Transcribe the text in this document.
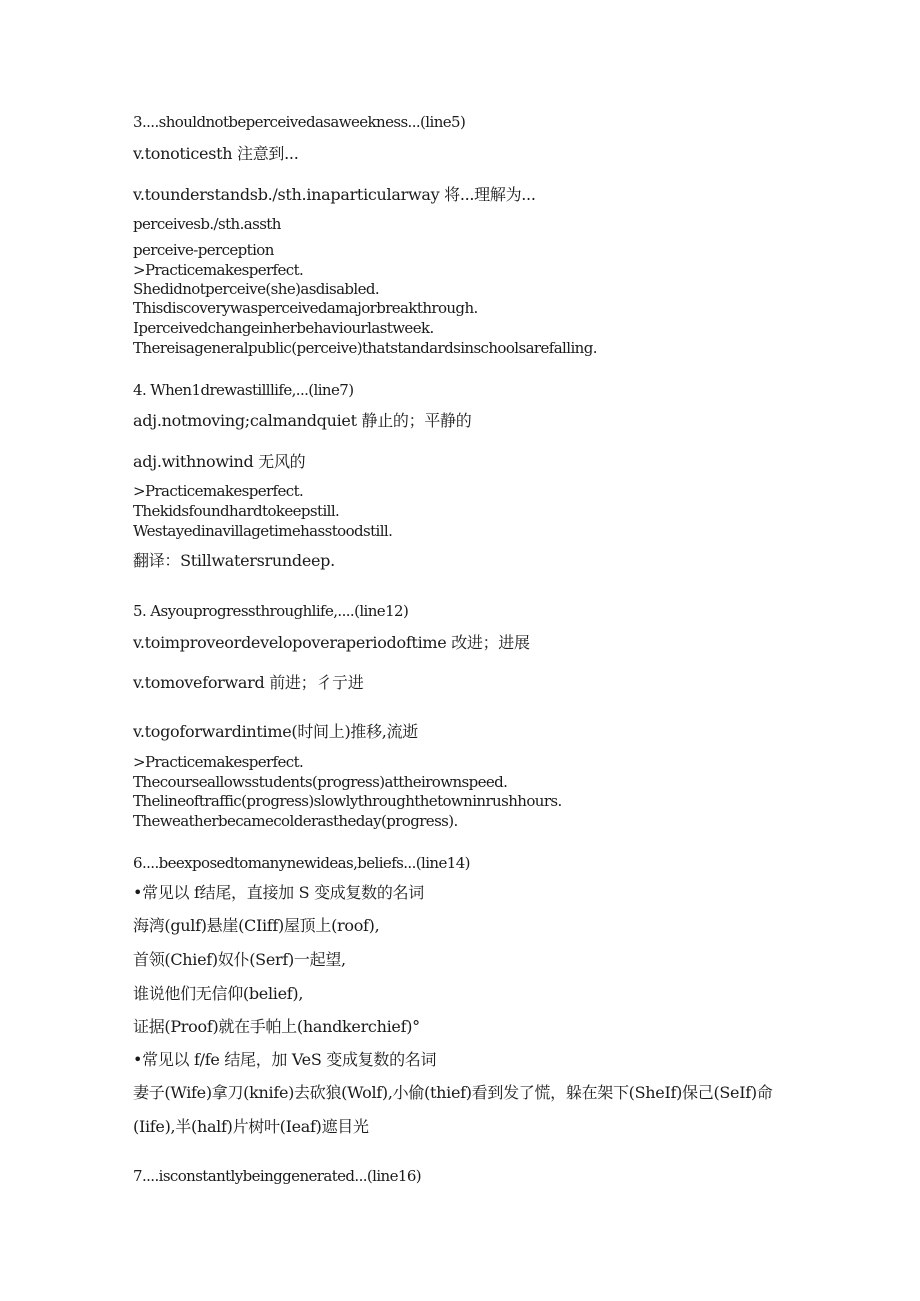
3....shouldnotbeperceivedasaweekness...(line5)
v.tonoticesth 注意到...
v.tounderstandsb./sth.inaparticularway 将...理解为...
perceivesb./sth.assth
perceive-perception
>Practicemakesperfect.
Shedidnotperceive(she)asdisabled.
Thisdiscoverywasperceivedamajorbreakthrough.
Iperceivedchangeinherbehaviourlastweek.
Thereisageneralpublic(perceive)thatstandardsinschoolsarefalling.
4. When1drewastilllife,...(line7)
adj.notmoving;calmandquiet 静止的；平静的
adj.withnowind 无风的
>Practicemakesperfect.
Thekidsfoundhardtokeepstill.
Westayedinavillagetimehasstoodstill.
翻译：Stillwatersrundeep.
5. Asyouprogressthroughlife,....(line12)
v.toimproveordevelopoveraperiodoftime 改进；进展
v.tomoveforward 前进；彳亍进
v.togoforwardintime(时间上)推移,流逝
>Practicemakesperfect.
Thecourseallowsstudents(progress)attheirownspeed.
Thelineoftraffic(progress)slowlythroughthetowninrushhours.
Theweatherbecamecolderastheday(progress).
6....beexposedtomanynewideas,beliefs...(line14)
•常见以 f结尾，直接加 S 变成复数的名词
海湾(gulf)悬崖(CIiff)屋顶上(roof),
首领(Chief)奴仆(Serf)一起望,
谁说他们无信仰(belief),
证据(Proof)就在手帕上(handkerchief)°
•常见以 f/fe 结尾，加 VeS 变成复数的名词
妻子(Wife)拿刀(knife)去砍狼(Wolf),小偷(thief)看到发了慌，躲在架下(SheIf)保己(SeIf)命
(Iife),半(half)片树叶(Ieaf)遮目光
7....isconstantlybeinggenerated...(line16)
